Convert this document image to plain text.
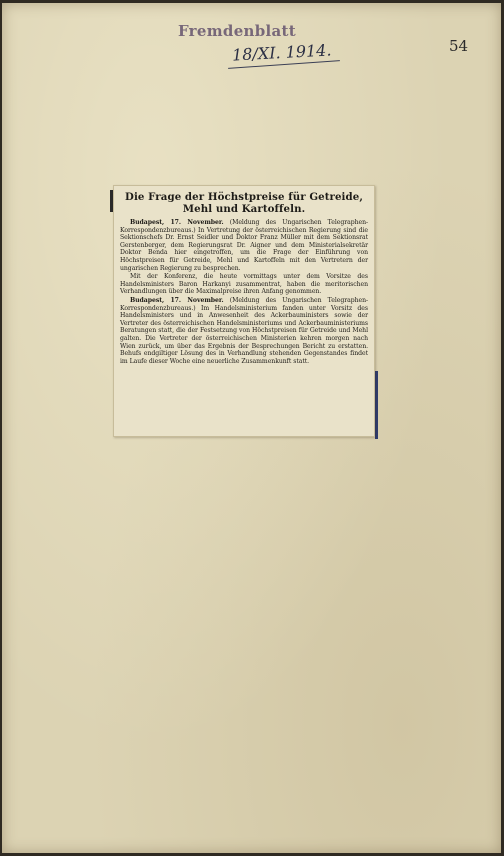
Fremdenblatt
18/XI. 1914.	54
Die Frage der Höchstpreise für Getreide, Mehl und Kartoffeln.

Budapest, 17. November. (Meldung des Ungarischen Telegraphen-Korrespondenzbureaus.) In Vertretung der österreichischen Regierung sind die Sektionschefs Dr. Ernst Seidler und Doktor Franz Müller mit dem Sektionsrat Gerstenberger, dem Regierungsrat Dr. Aigner und dem Ministerialsekretär Doktor Benda hier eingetroffen, um die Frage der Einführung von Höchstpreisen für Getreide, Mehl und Kartoffeln mit den Vertretern der ungarischen Regierung zu besprechen.

Mit der Konferenz, die heute vormittags unter dem Vorsitze des Handelsministers Baron Harkanyi zusammentrat, haben die meritorischen Verhandlungen über die Maximalpreise ihren Anfang genommen.

Budapest, 17. November. (Meldung des Ungarischen Telegraphen-Korrespondenzbureaus.) Im Handelsministerium fanden unter Vorsitz des Handelsministers und in Anwesenheit des Ackerbauministers sowie der Vertreter des österreichischen Handelsministeriums und Ackerbauministeriums Beratungen statt, die der Festsetzung von Höchstpreisen für Getreide und Mehl galten. Die Vertreter der österreichischen Ministerien kehren morgen nach Wien zurück, um über das Ergebnis der Besprechungen Bericht zu erstatten. Behufs endgiltiger Lösung des in Verhandlung stehenden Gegenstandes findet im Laufe dieser Woche eine neuerliche Zusammenkunft statt.
